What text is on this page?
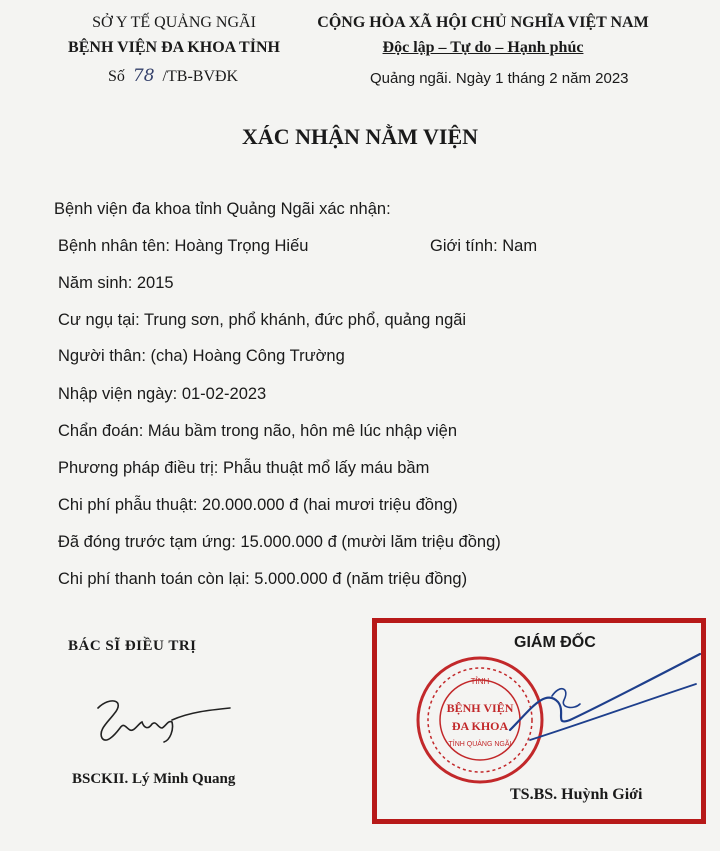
SỞ Y TẾ QUẢNG NGÃI
BỆNH VIỆN ĐA KHOA TỈNH
Số 78 /TB-BVĐK
CỘNG HÒA XÃ HỘI CHỦ NGHĨA VIỆT NAM
Độc lập – Tự do – Hạnh phúc
Quảng ngãi. Ngày 1 tháng 2 năm 2023
XÁC NHẬN NẰM VIỆN
Bệnh viện đa khoa tỉnh Quảng Ngãi xác nhận:
Bệnh nhân tên: Hoàng Trọng Hiếu	Giới tính: Nam
Năm sinh: 2015
Cư ngụ tại: Trung sơn, phổ khánh, đức phổ, quảng ngãi
Người thân: (cha) Hoàng Công Trường
Nhập viện ngày: 01-02-2023
Chẩn đoán: Máu bầm trong não, hôn mê lúc nhập viện
Phương pháp điều trị: Phẫu thuật mổ lấy máu bầm
Chi phí phẫu thuật: 20.000.000 đ (hai mươi triệu đồng)
Đã đóng trước tạm ứng: 15.000.000 đ (mười lăm triệu đồng)
Chi phí thanh toán còn lại: 5.000.000 đ (năm triệu đồng)
BÁC SĨ ĐIỀU TRỊ
BSCKII. Lý Minh Quang
GIÁM ĐỐC
TỈNH
BỆNH VIỆN
ĐA KHOA
TỈNH QUẢNG NGÃI
TS.BS. Huỳnh Giới
